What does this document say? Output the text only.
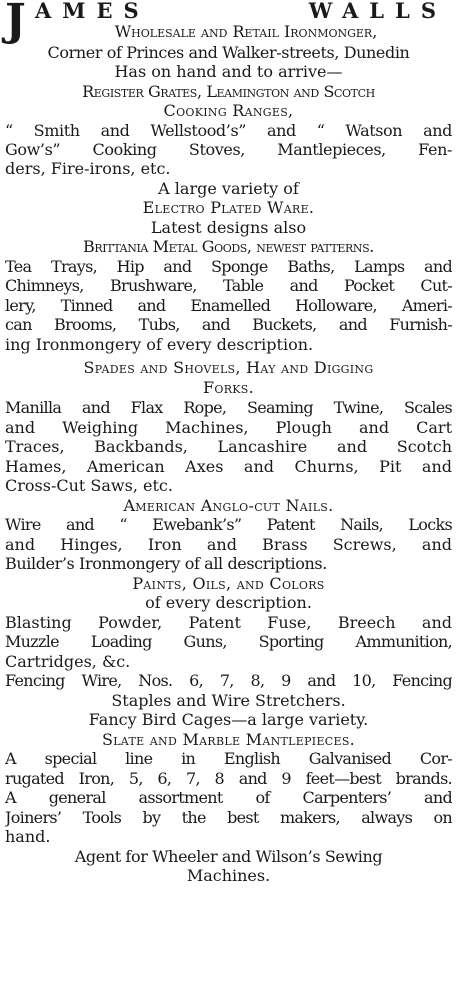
J AMES WALLS
Wholesale and Retail Ironmonger,
Corner of Princes and Walker-streets, Dunedin
Has on hand and to arrive—
Register Grates, Leamington and Scotch
Cooking Ranges,
“ Smith and Wellstood’s” and “ Watson and
Gow’s” Cooking Stoves, Mantlepieces, Fen-
ders, Fire-irons, etc.
A large variety of
Electro Plated Ware.
Latest designs also
Brittania Metal Goods, newest patterns.
Tea Trays, Hip and Sponge Baths, Lamps and
Chimneys, Brushware, Table and Pocket Cut-
lery, Tinned and Enamelled Holloware, Ameri-
can Brooms, Tubs, and Buckets, and Furnish-
ing Ironmongery of every description.
Spades and Shovels, Hay and Digging
Forks.
Manilla and Flax Rope, Seaming Twine, Scales
and Weighing Machines, Plough and Cart
Traces, Backbands, Lancashire and Scotch
Hames, American Axes and Churns, Pit and
Cross-Cut Saws, etc.
American Anglo-cut Nails.
Wire and “ Ewebank’s” Patent Nails, Locks
and Hinges, Iron and Brass Screws, and
Builder’s Ironmongery of all descriptions.
Paints, Oils, and Colors
of every description.
Blasting Powder, Patent Fuse, Breech and
Muzzle Loading Guns, Sporting Ammunition,
Cartridges, &c.
Fencing Wire, Nos. 6, 7, 8, 9 and 10, Fencing
Staples and Wire Stretchers.
Fancy Bird Cages—a large variety.
Slate and Marble Mantlepieces.
A special line in English Galvanised Cor-
rugated Iron, 5, 6, 7, 8 and 9 feet—best brands.
A general assortment of Carpenters’ and
Joiners’ Tools by the best makers, always on
hand.
Agent for Wheeler and Wilson’s Sewing
Machines.
